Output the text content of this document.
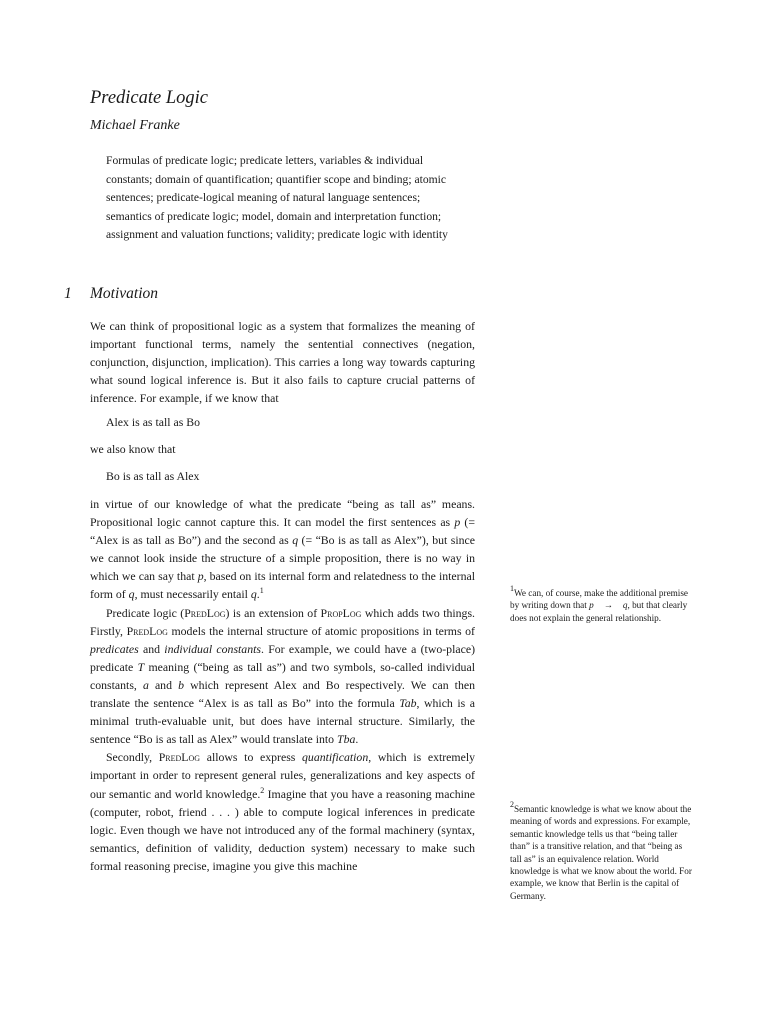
Predicate Logic
Michael Franke
Formulas of predicate logic; predicate letters, variables & individual constants; domain of quantification; quantifier scope and binding; atomic sentences; predicate-logical meaning of natural language sentences; semantics of predicate logic; model, domain and interpretation function; assignment and valuation functions; validity; predicate logic with identity
1 Motivation
We can think of propositional logic as a system that formalizes the meaning of important functional terms, namely the sentential connectives (negation, conjunction, disjunction, implication). This carries a long way towards capturing what sound logical inference is. But it also fails to capture crucial patterns of inference. For example, if we know that
Alex is as tall as Bo
we also know that
Bo is as tall as Alex

in virtue of our knowledge of what the predicate “being as tall as” means. Propositional logic cannot capture this. It can model the first sentences as p (= “Alex is as tall as Bo”) and the second as q (= “Bo is as tall as Alex”), but since we cannot look inside the structure of a simple proposition, there is no way in which we can say that p, based on its internal form and relatedness to the internal form of q, must necessarily entail q.$^1$

Predicate logic (PredLog) is an extension of PropLog which adds two things. Firstly, PredLog models the internal structure of atomic propositions in terms of predicates and individual constants. For example, we could have a (two-place) predicate T meaning (“being as tall as”) and two symbols, so-called individual constants, a and b which represent Alex and Bo respectively. We can then translate the sentence “Alex is as tall as Bo” into the formula Tab, which is a minimal truth-evaluable unit, but does have internal structure. Similarly, the sentence “Bo is as tall as Alex” would translate into Tba.

Secondly, PredLog allows to express quantification, which is extremely important in order to represent general rules, generalizations and key aspects of our semantic and world knowledge.$^2$ Imagine that you have a reasoning machine (computer, robot, friend . . . ) able to compute logical inferences in predicate logic. Even though we have not introduced any of the formal machinery (syntax, semantics, definition of validity, deduction system) necessary to make such formal reasoning precise, imagine you give this machine

$^1$We can, of course, make the additional premise by writing down that p → q, but that clearly does not explain the general relationship.
$^2$Semantic knowledge is what we know about the meaning of words and expressions. For example, semantic knowledge tells us that “being taller than” is a transitive relation, and that “being as tall as” is an equivalence relation. World knowledge is what we know about the world. For example, we know that Berlin is the capital of Germany.
